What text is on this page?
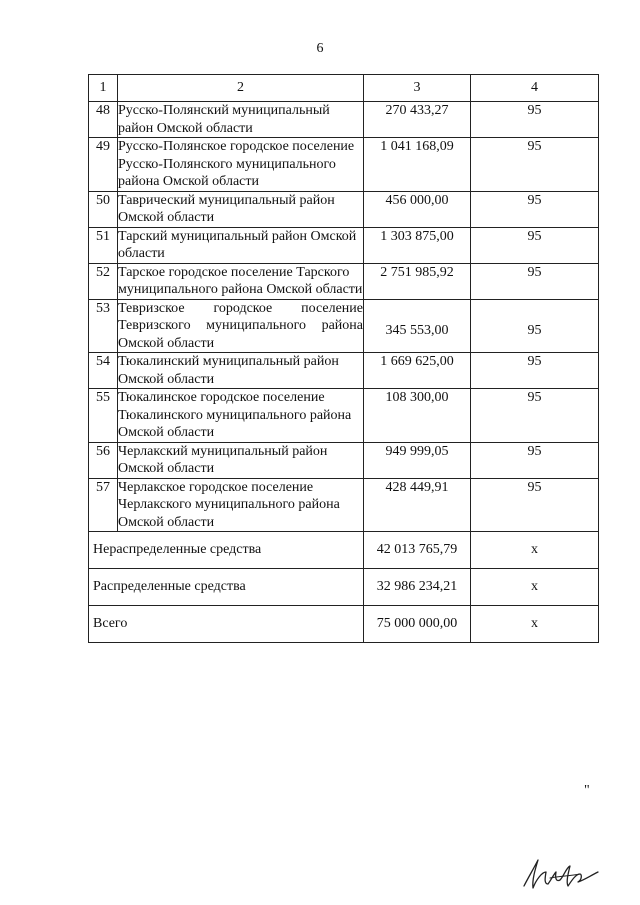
6
1	2	3	4
48	Русско-Полянский муниципальный район Омской области	270 433,27	95
49	Русско-Полянское городское поселение Русско-Полянского муниципального района Омской области	1 041 168,09	95
50	Таврический муниципальный район Омской области	456 000,00	95
51	Тарский муниципальный район Омской области	1 303 875,00	95
52	Тарское городское поселение Тарского муниципального района Омской области	2 751 985,92	95
53	Тевризское городское поселение Тевризского муниципального района Омской области	345 553,00	95
54	Тюкалинский муниципальный район Омской области	1 669 625,00	95
55	Тюкалинское городское поселение Тюкалинского муниципального района Омской области	108 300,00	95
56	Черлакский муниципальный район Омской области	949 999,05	95
57	Черлакское городское поселение Черлакского муниципального района Омской области	428 449,91	95
Нераспределенные средства		42 013 765,79	х
Распределенные средства		32 986 234,21	х
Всего		75 000 000,00	х
"
